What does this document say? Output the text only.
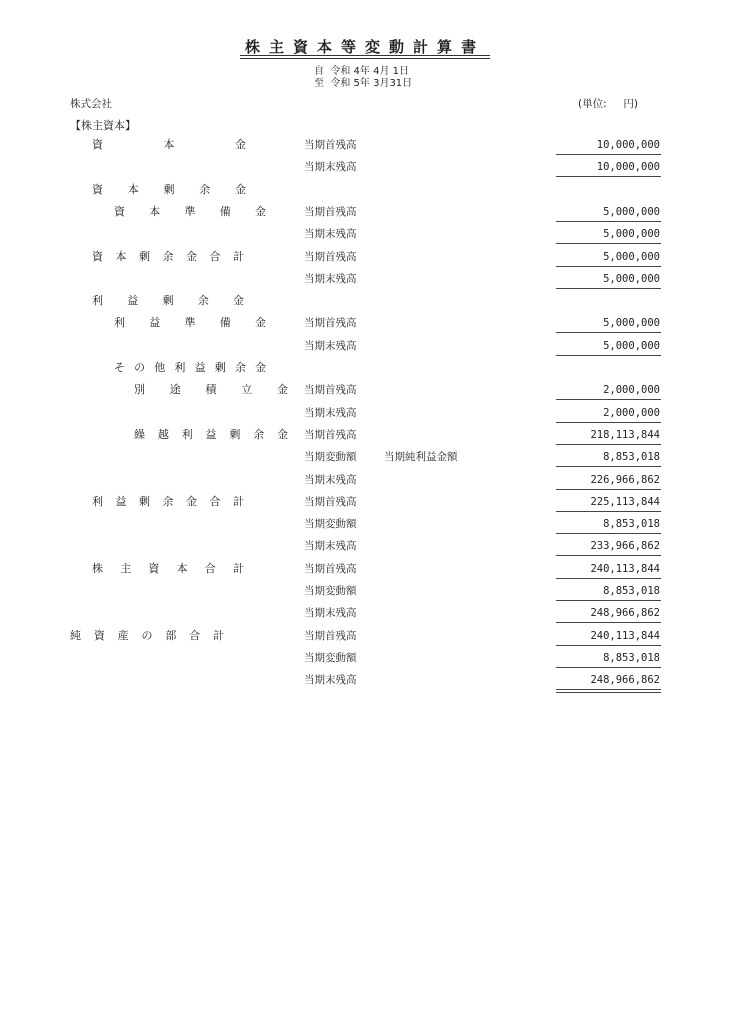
株主資本等変動計算書
自  令和 4年 4月 1日
至  令和 5年 3月31日
株式会社	(単位:     円)
【株主資本】
資	本	金	当期首残高	10,000,000
当期末残高	10,000,000
資 本 剰 余 金
資 本 準 備 金	当期首残高	5,000,000
当期末残高	5,000,000
資 本 剰 余 金 合 計	当期首残高	5,000,000
当期末残高	5,000,000
利 益 剰 余 金
利 益 準 備 金	当期首残高	5,000,000
当期末残高	5,000,000
そ の 他 利 益 剰 余 金
別 途 積 立 金 当期首残高	2,000,000
当期末残高	2,000,000
繰 越 利 益 剰 余 金 当期首残高	218,113,844
当期変動額	当期純利益金額	8,853,018
当期末残高	226,966,862
利 益 剰 余 金 合 計	当期首残高	225,113,844
当期変動額	8,853,018
当期末残高	233,966,862
株 主 資 本 合 計	当期首残高	240,113,844
当期変動額	8,853,018
当期末残高	248,966,862
純 資 産 の 部 合 計	当期首残高	240,113,844
当期変動額	8,853,018
当期末残高	248,966,862
